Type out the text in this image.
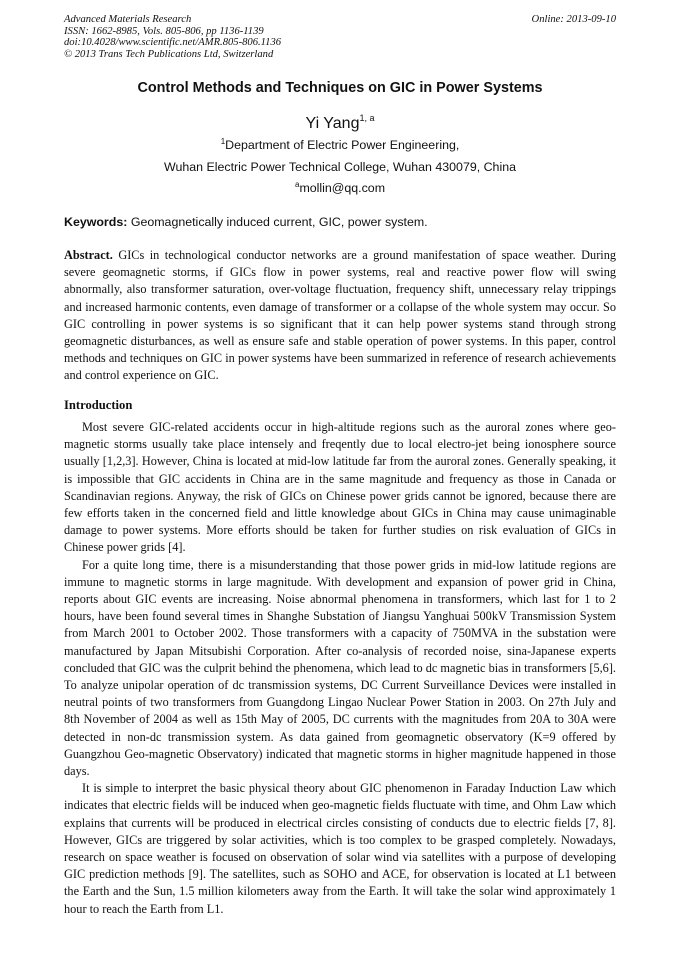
Advanced Materials Research
ISSN: 1662-8985, Vols. 805-806, pp 1136-1139
doi:10.4028/www.scientific.net/AMR.805-806.1136
© 2013 Trans Tech Publications Ltd, Switzerland
Online: 2013-09-10
Control Methods and Techniques on GIC in Power Systems
Yi Yang$^{1, a}$
$^1$Department of Electric Power Engineering,
Wuhan Electric Power Technical College, Wuhan 430079, China
$^a$mollin@qq.com
Keywords: Geomagnetically induced current, GIC, power system.
Abstract. GICs in technological conductor networks are a ground manifestation of space weather. During severe geomagnetic storms, if GICs flow in power systems, real and reactive power flow will swing abnormally, also transformer saturation, over-voltage fluctuation, frequency shift, unnecessary relay trippings and increased harmonic contents, even damage of transformer or a collapse of the whole system may occur. So GIC controlling in power systems is so significant that it can help power systems stand through strong geomagnetic disturbances, as well as ensure safe and stable operation of power systems. In this paper, control methods and techniques on GIC in power systems have been summarized in reference of research achievements and control experience on GIC.
Introduction

Most severe GIC-related accidents occur in high-altitude regions such as the auroral zones where geo-magnetic storms usually take place intensely and freqently due to local electro-jet being ionosphere source usually [1,2,3]. However, China is located at mid-low latitude far from the auroral zones. Generally speaking, it is impossible that GIC accidents in China are in the same magnitude and frequency as those in Canada or Scandinavian regions. Anyway, the risk of GICs on Chinese power grids cannot be ignored, because there are few efforts taken in the concerned field and little knowledge about GICs in China may cause unimaginable damage to power systems. More efforts should be taken for further studies on risk evaluation of GICs in Chinese power grids [4].

For a quite long time, there is a misunderstanding that those power grids in mid-low latitude regions are immune to magnetic storms in large magnitude. With development and expansion of power grid in China, reports about GIC events are increasing. Noise abnormal phenomena in transformers, which last for 1 to 2 hours, have been found several times in Shanghe Substation of Jiangsu Yanghuai 500kV Transmission System from March 2001 to October 2002. Those transformers with a capacity of 750MVA in the substation were manufactured by Japan Mitsubishi Corporation. After co-analysis of recorded noise, sina-Japanese experts concluded that GIC was the culprit behind the phenomena, which lead to dc magnetic bias in transformers [5,6]. To analyze unipolar operation of dc transmission systems, DC Current Surveillance Devices were installed in neutral points of two transformers from Guangdong Lingao Nuclear Power Station in 2003. On 27th July and 8th November of 2004 as well as 15th May of 2005, DC currents with the magnitudes from 20A to 30A were detected in non-dc transmission system. As data gained from geomagnetic observatory (K=9 offered by Guangzhou Geo-magnetic Observatory) indicated that magnetic storms in higher magnitude happened in those days.

It is simple to interpret the basic physical theory about GIC phenomenon in Faraday Induction Law which indicates that electric fields will be induced when geo-magnetic fields fluctuate with time, and Ohm Law which explains that currents will be produced in electrical circles consisting of conducts due to electric fields [7, 8]. However, GICs are triggered by solar activities, which is too complex to be grasped completely. Nowadays, research on space weather is focused on observation of solar wind via satellites with a purpose of developing GIC prediction methods [9]. The satellites, such as SOHO and ACE, for observation is located at L1 between the Earth and the Sun, 1.5 million kilometers away from the Earth. It will take the solar wind approximately 1 hour to reach the Earth from L1.
